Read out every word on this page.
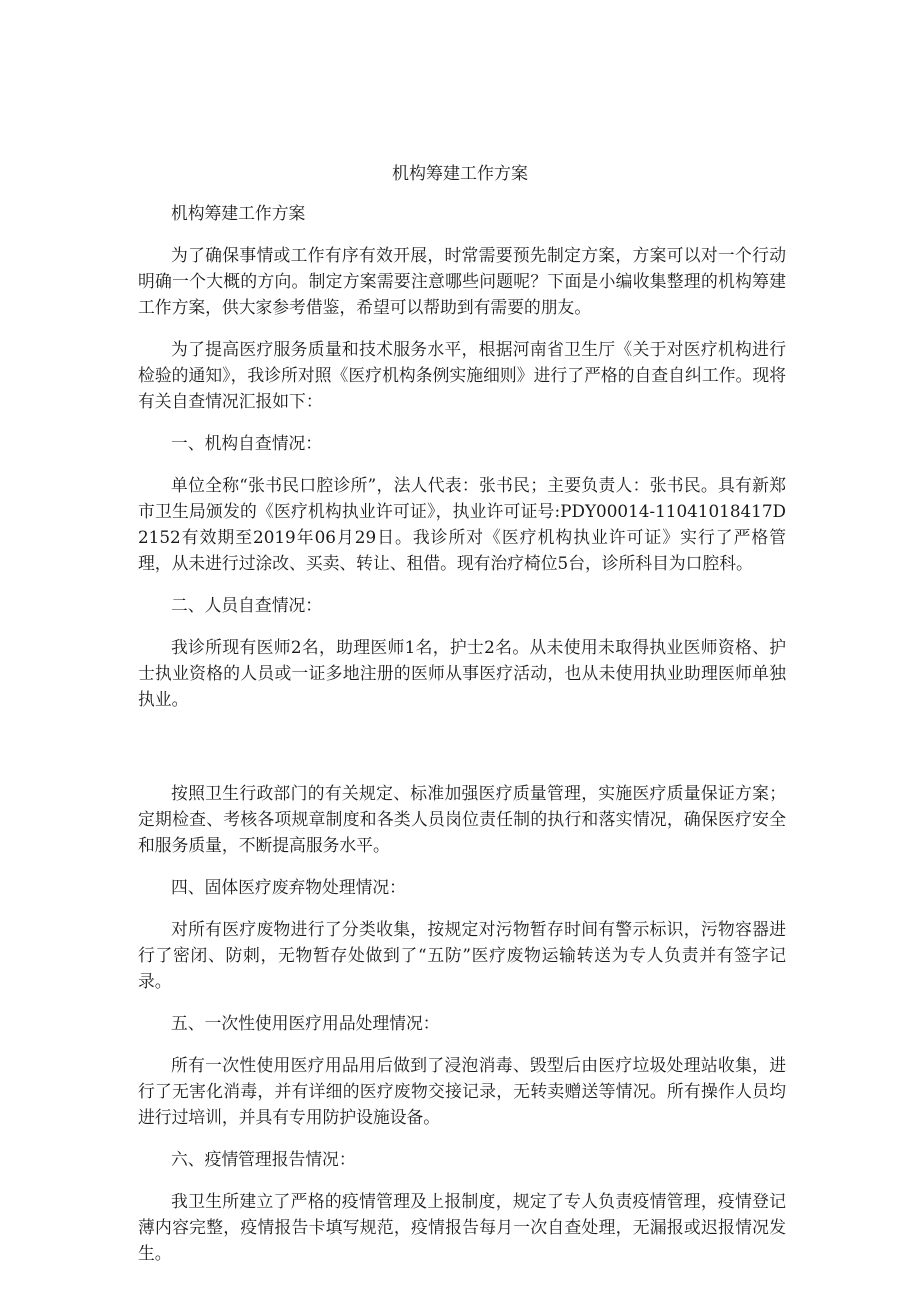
机构筹建工作方案

机构筹建工作方案

为了确保事情或工作有序有效开展，时常需要预先制定方案，方案可以对一个行动明确一个大概的方向。制定方案需要注意哪些问题呢？下面是小编收集整理的机构筹建工作方案，供大家参考借鉴，希望可以帮助到有需要的朋友。

为了提高医疗服务质量和技术服务水平，根据河南省卫生厅《关于对医疗机构进行检验的通知》，我诊所对照《医疗机构条例实施细则》进行了严格的自查自纠工作。现将有关自查情况汇报如下：

一、机构自查情况：

单位全称“张书民口腔诊所”，法人代表：张书民；主要负责人：张书民。具有新郑市卫生局颁发的《医疗机构执业许可证》，执业许可证号:PDY00014-11041018417D2152有效期至2019年06月29日。我诊所对《医疗机构执业许可证》实行了严格管理，从未进行过涂改、买卖、转让、租借。现有治疗椅位5台，诊所科目为口腔科。

二、人员自查情况：

我诊所现有医师2名，助理医师1名，护士2名。从未使用未取得执业医师资格、护士执业资格的人员或一证多地注册的医师从事医疗活动，也从未使用执业助理医师单独执业。

按照卫生行政部门的有关规定、标准加强医疗质量管理，实施医疗质量保证方案；定期检查、考核各项规章制度和各类人员岗位责任制的执行和落实情况，确保医疗安全和服务质量，不断提高服务水平。

四、固体医疗废弃物处理情况：

对所有医疗废物进行了分类收集，按规定对污物暂存时间有警示标识，污物容器进行了密闭、防刺，无物暂存处做到了“五防”医疗废物运输转送为专人负责并有签字记录。

五、一次性使用医疗用品处理情况：

所有一次性使用医疗用品用后做到了浸泡消毒、毁型后由医疗垃圾处理站收集，进行了无害化消毒，并有详细的医疗废物交接记录，无转卖赠送等情况。所有操作人员均进行过培训，并具有专用防护设施设备。

六、疫情管理报告情况：

我卫生所建立了严格的疫情管理及上报制度，规定了专人负责疫情管理，疫情登记薄内容完整，疫情报告卡填写规范，疫情报告每月一次自查处理，无漏报或迟报情况发生。
